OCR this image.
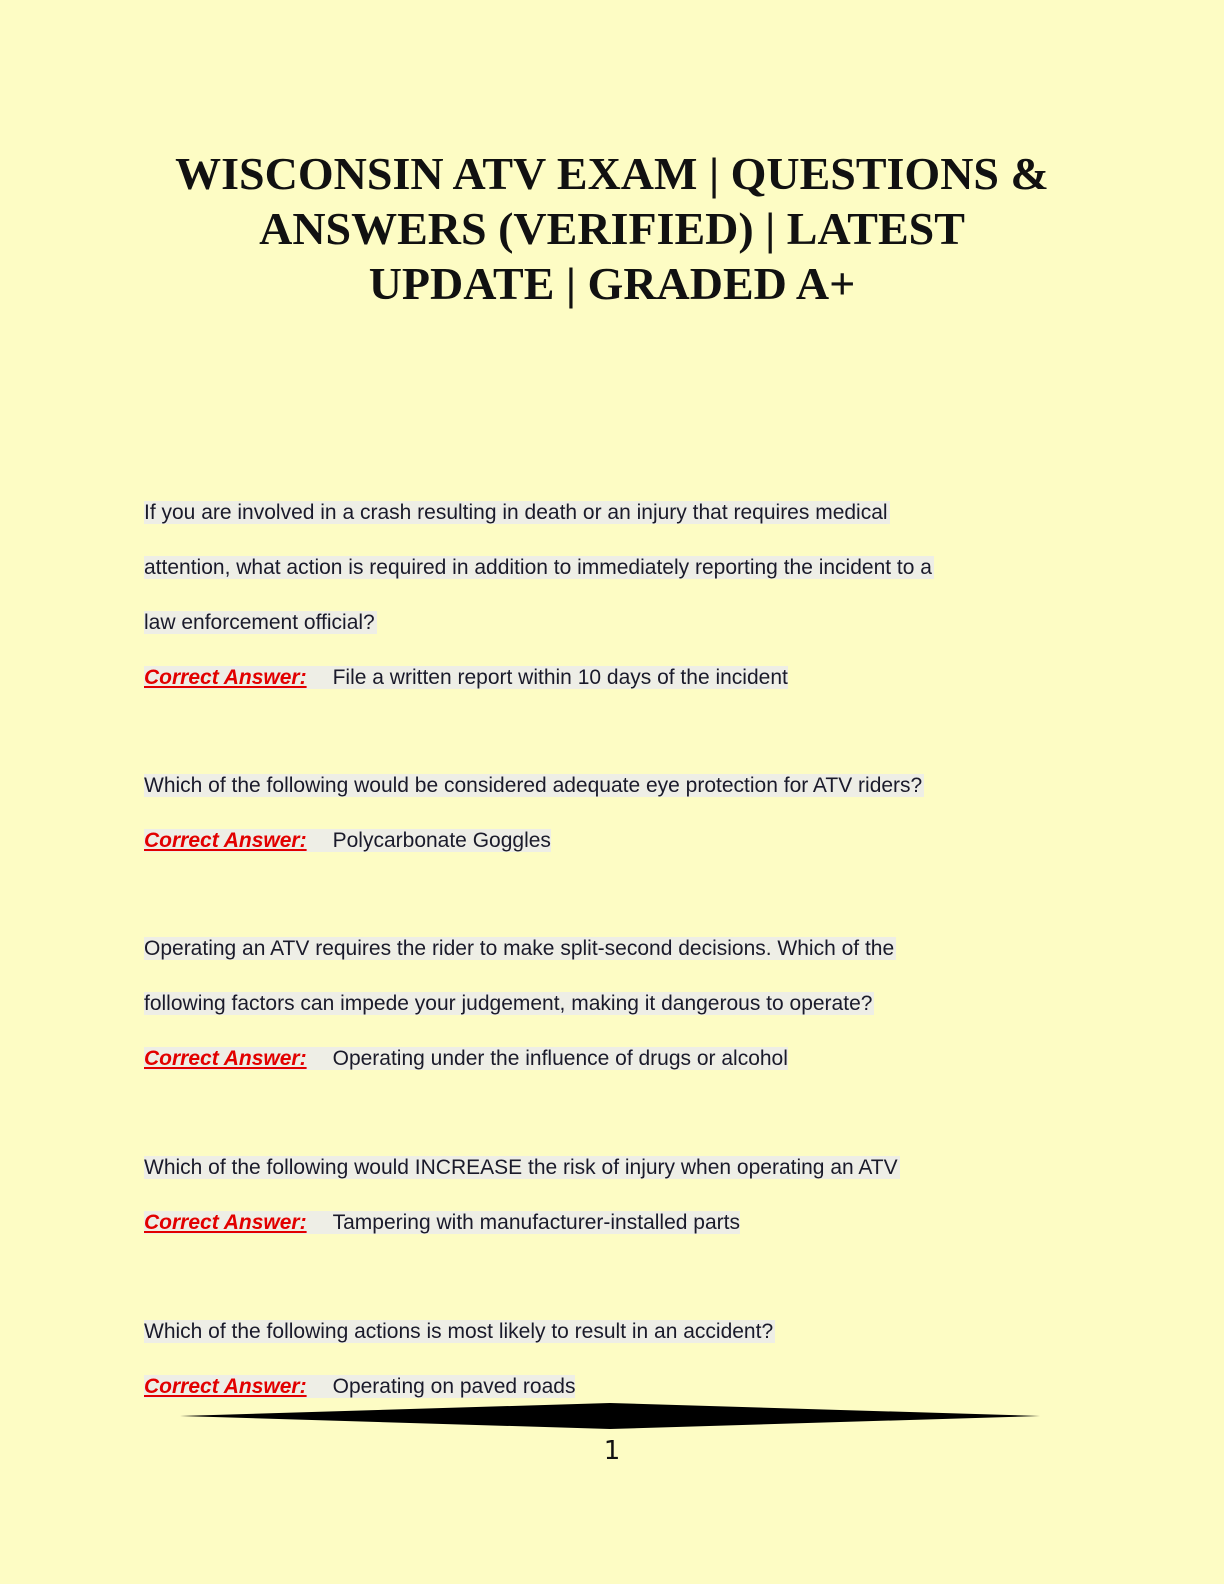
WISCONSIN ATV EXAM | QUESTIONS &
ANSWERS (VERIFIED) | LATEST
UPDATE | GRADED A+
If you are involved in a crash resulting in death or an injury that requires medical
attention, what action is required in addition to immediately reporting the incident to a
law enforcement official?
Correct Answer: File a written report within 10 days of the incident
Which of the following would be considered adequate eye protection for ATV riders?
Correct Answer: Polycarbonate Goggles
Operating an ATV requires the rider to make split-second decisions. Which of the
following factors can impede your judgement, making it dangerous to operate?
Correct Answer: Operating under the influence of drugs or alcohol
Which of the following would INCREASE the risk of injury when operating an ATV
Correct Answer: Tampering with manufacturer-installed parts
Which of the following actions is most likely to result in an accident?
Correct Answer: Operating on paved roads
1
